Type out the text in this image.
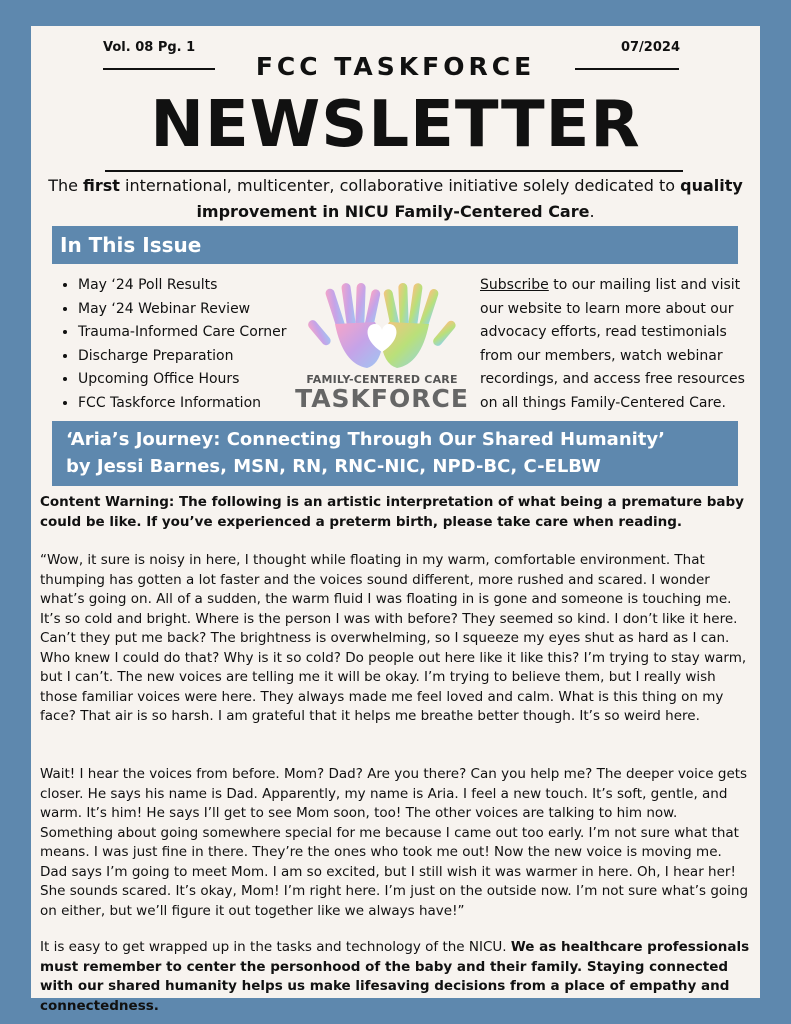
Vol. 08 Pg. 1	07/2024
FCC TASKFORCE
NEWSLETTER
The first international, multicenter, collaborative initiative solely dedicated to quality improvement in NICU Family-Centered Care.
In This Issue
• May ‘24 Poll Results
• May ‘24 Webinar Review
• Trauma-Informed Care Corner
• Discharge Preparation
• Upcoming Office Hours
• FCC Taskforce Information
FAMILY-CENTERED CARE
TASKFORCE
Subscribe to our mailing list and visit our website to learn more about our advocacy efforts, read testimonials from our members, watch webinar recordings, and access free resources on all things Family-Centered Care.
‘Aria’s Journey: Connecting Through Our Shared Humanity’
by Jessi Barnes, MSN, RN, RNC-NIC, NPD-BC, C-ELBW
Content Warning: The following is an artistic interpretation of what being a premature baby could be like. If you’ve experienced a preterm birth, please take care when reading.
“Wow, it sure is noisy in here, I thought while floating in my warm, comfortable environment. That thumping has gotten a lot faster and the voices sound different, more rushed and scared. I wonder what’s going on. All of a sudden, the warm fluid I was floating in is gone and someone is touching me. It’s so cold and bright. Where is the person I was with before? They seemed so kind. I don’t like it here. Can’t they put me back? The brightness is overwhelming, so I squeeze my eyes shut as hard as I can. Who knew I could do that? Why is it so cold? Do people out here like it like this? I’m trying to stay warm, but I can’t. The new voices are telling me it will be okay. I’m trying to believe them, but I really wish those familiar voices were here. They always made me feel loved and calm. What is this thing on my face? That air is so harsh. I am grateful that it helps me breathe better though. It’s so weird here.
Wait! I hear the voices from before. Mom? Dad? Are you there? Can you help me? The deeper voice gets closer. He says his name is Dad. Apparently, my name is Aria. I feel a new touch. It’s soft, gentle, and warm. It’s him! He says I’ll get to see Mom soon, too! The other voices are talking to him now. Something about going somewhere special for me because I came out too early. I’m not sure what that means. I was just fine in there. They’re the ones who took me out! Now the new voice is moving me. Dad says I’m going to meet Mom. I am so excited, but I still wish it was warmer in here. Oh, I hear her! She sounds scared. It’s okay, Mom! I’m right here. I’m just on the outside now. I’m not sure what’s going on either, but we’ll figure it out together like we always have!”
It is easy to get wrapped up in the tasks and technology of the NICU. We as healthcare professionals must remember to center the personhood of the baby and their family. Staying connected with our shared humanity helps us make lifesaving decisions from a place of empathy and connectedness.
